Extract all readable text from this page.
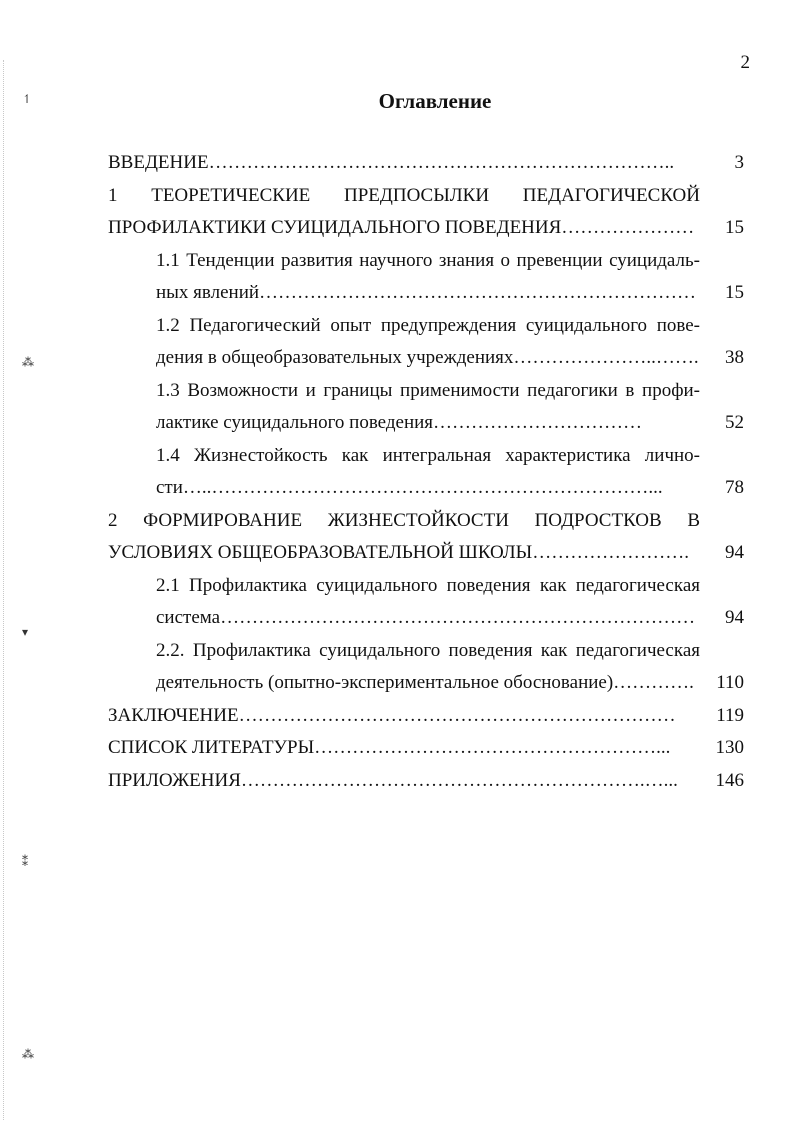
↿
⁂
▾
⁑
⁂
2
Оглавление
ВВЕДЕНИЕ………………………………………………………………..	3
1 ТЕОРЕТИЧЕСКИЕ ПРЕДПОСЫЛКИ ПЕДАГОГИЧЕСКОЙ
ПРОФИЛАКТИКИ СУИЦИДАЛЬНОГО ПОВЕДЕНИЯ…………………	15
1.1 Тенденции развития научного знания о превенции суицидаль-
ных явлений……………………………………………………………	15
1.2 Педагогический опыт предупреждения суицидального пове-
дения в общеобразовательных учреждениях…………………..…….	38
1.3 Возможности и границы применимости педагогики в профи-
лактике суицидального поведения……………………………	52
1.4 Жизнестойкость как интегральная характеристика лично-
сти…..……………………………………………………………...	78
2 ФОРМИРОВАНИЕ ЖИЗНЕСТОЙКОСТИ ПОДРОСТКОВ В
УСЛОВИЯХ ОБЩЕОБРАЗОВАТЕЛЬНОЙ ШКОЛЫ…………………….	94
2.1 Профилактика суицидального поведения как педагогическая
система…………………………………………………………………	94
2.2. Профилактика суицидального поведения как педагогическая
деятельность (опытно-экспериментальное обоснование)………….	110
ЗАКЛЮЧЕНИЕ……………………………………………………………	119
СПИСОК ЛИТЕРАТУРЫ………………………………………………...	130
ПРИЛОЖЕНИЯ……………………………………………………….…...	146
